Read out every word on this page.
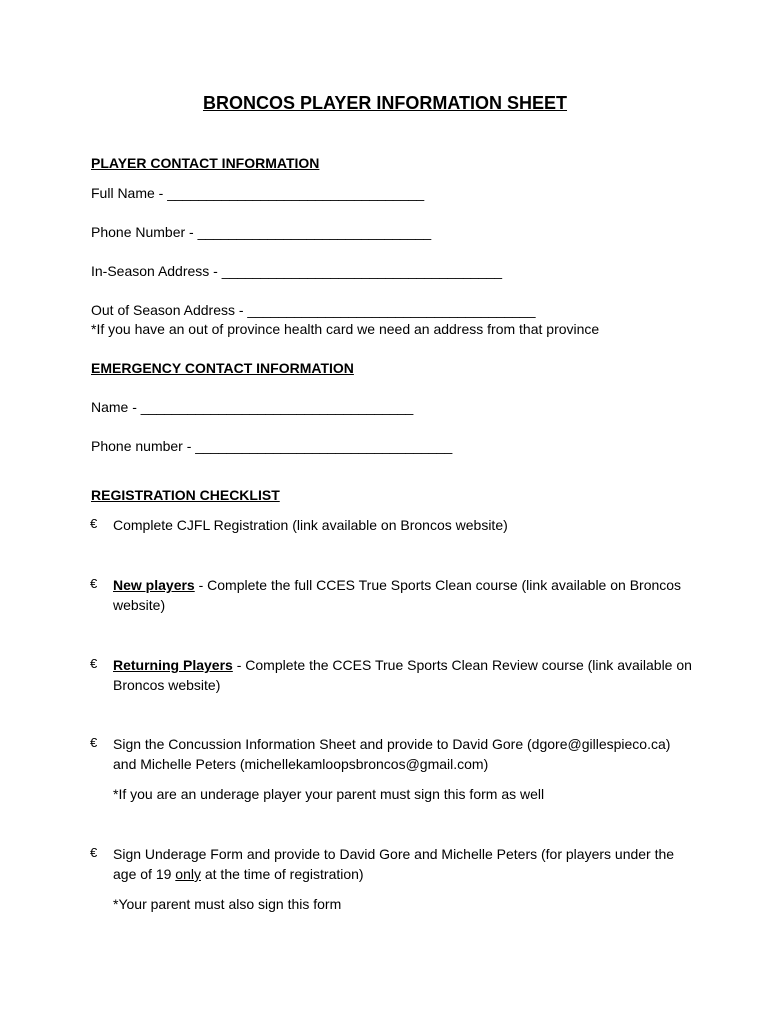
BRONCOS PLAYER INFORMATION SHEET
PLAYER CONTACT INFORMATION
Full Name - _________________________________
Phone Number - ______________________________
In-Season Address - ____________________________________
Out of Season Address - _____________________________________
*If you have an out of province health card we need an address from that province
EMERGENCY CONTACT INFORMATION
Name - ___________________________________
Phone number - _________________________________
REGISTRATION CHECKLIST
€ Complete CJFL Registration (link available on Broncos website)
€ New players - Complete the full CCES True Sports Clean course (link available on Broncos website)
€ Returning Players - Complete the CCES True Sports Clean Review course (link available on Broncos website)
€ Sign the Concussion Information Sheet and provide to David Gore (dgore@gillespieco.ca) and Michelle Peters (michellekamloopsbroncos@gmail.com)
*If you are an underage player your parent must sign this form as well
€ Sign Underage Form and provide to David Gore and Michelle Peters (for players under the age of 19 only at the time of registration)
*Your parent must also sign this form
